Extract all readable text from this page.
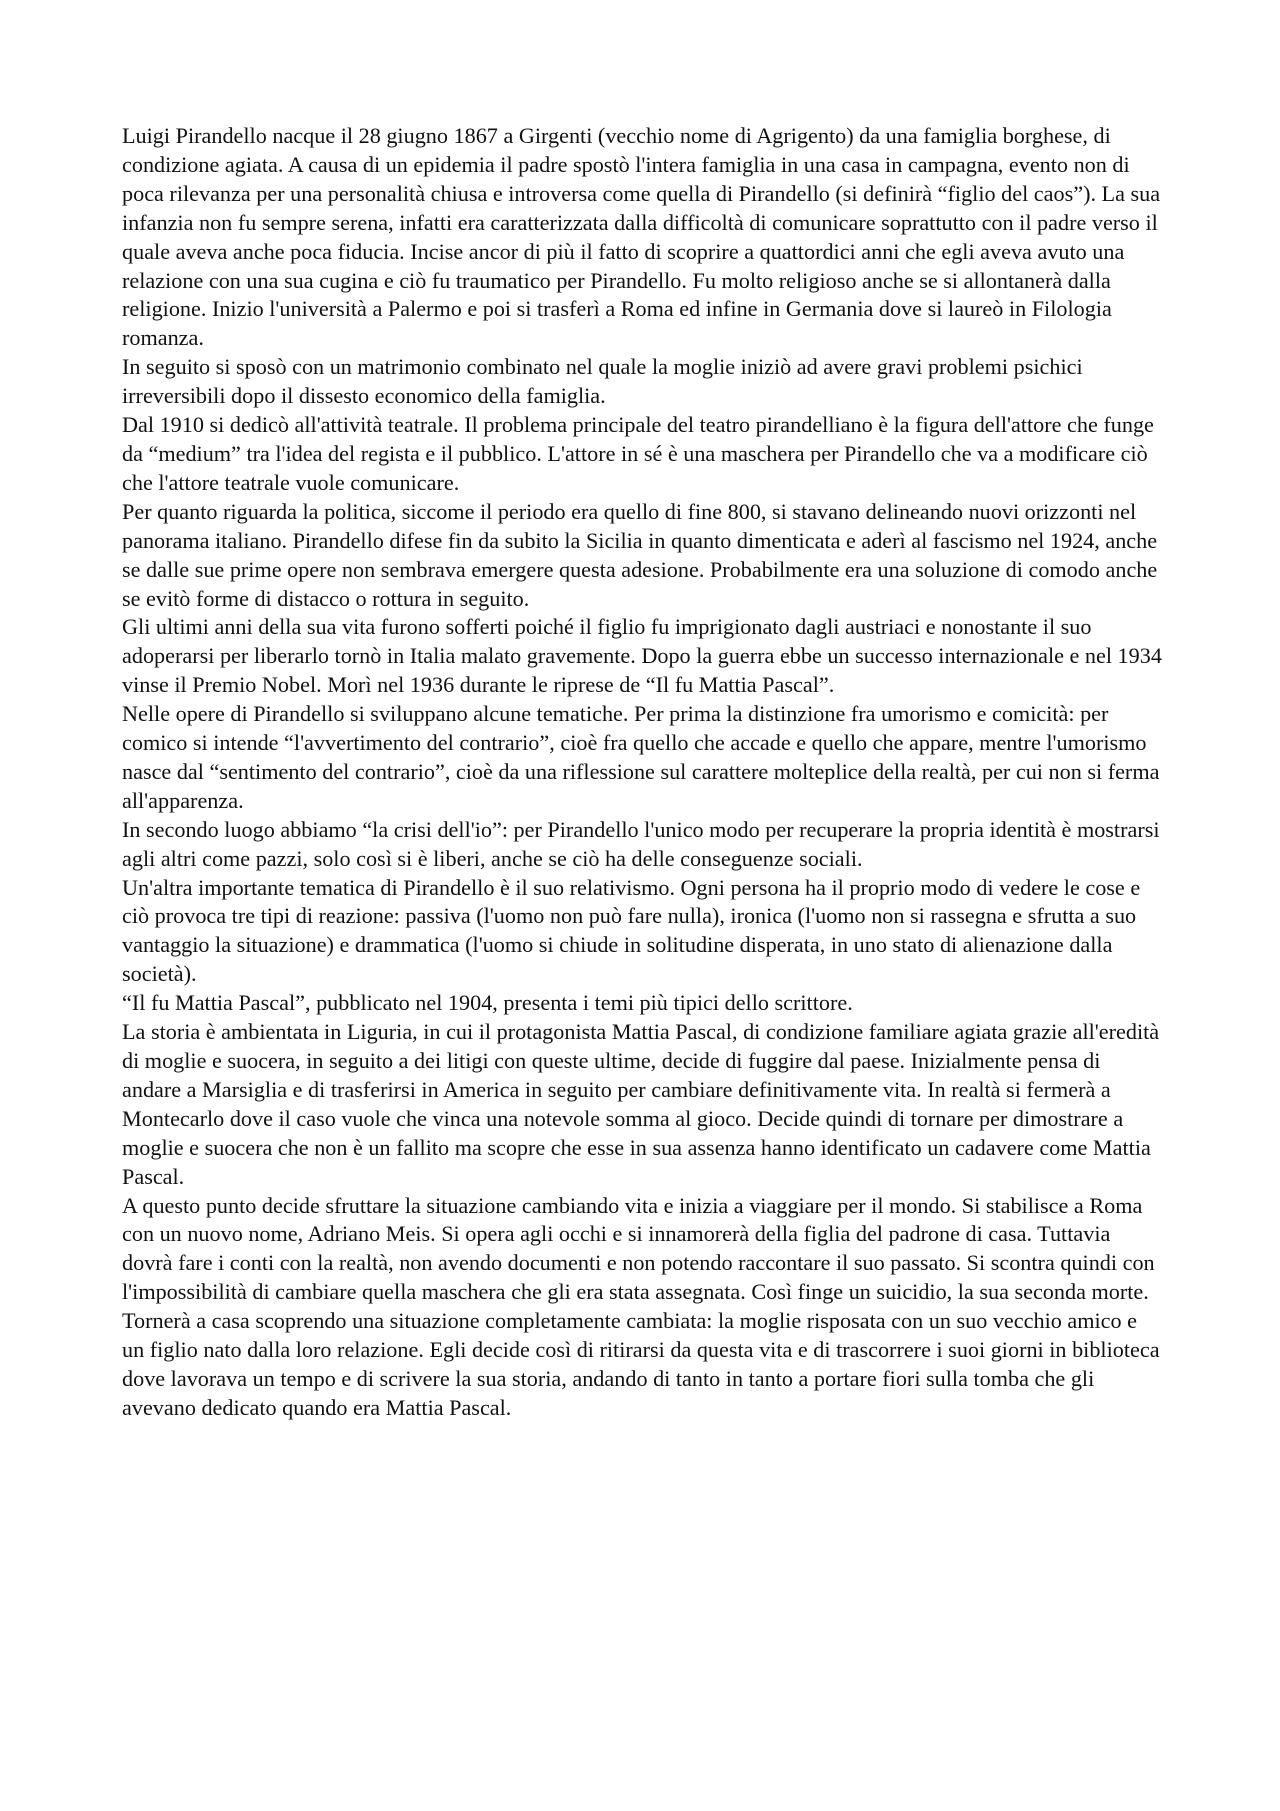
Luigi Pirandello nacque il 28 giugno 1867 a Girgenti (vecchio nome di Agrigento) da una famiglia borghese, di condizione agiata. A causa di un epidemia il padre spostò l'intera famiglia in una casa in campagna, evento non di poca rilevanza per una personalità chiusa e introversa come quella di Pirandello (si definirà “figlio del caos”). La sua infanzia non fu sempre serena, infatti era caratterizzata dalla difficoltà di comunicare soprattutto con il padre verso il quale aveva anche poca fiducia. Incise ancor di più il fatto di scoprire a quattordici anni che egli aveva avuto una relazione con una sua cugina e ciò fu traumatico per Pirandello. Fu molto religioso anche se si allontanerà dalla religione. Inizio l'università a Palermo e poi si trasferì a Roma ed infine in Germania dove si laureò in Filologia romanza.

In seguito si sposò con un matrimonio combinato nel quale la moglie iniziò ad avere gravi problemi psichici irreversibili dopo il dissesto economico della famiglia.

Dal 1910 si dedicò all'attività teatrale. Il problema principale del teatro pirandelliano è la figura dell'attore che funge da “medium” tra l'idea del regista e il pubblico. L'attore in sé è una maschera per Pirandello che va a modificare ciò che l'attore teatrale vuole comunicare.

Per quanto riguarda la politica, siccome il periodo era quello di fine 800, si stavano delineando nuovi orizzonti nel panorama italiano. Pirandello difese fin da subito la Sicilia in quanto dimenticata e aderì al fascismo nel 1924, anche se dalle sue prime opere non sembrava emergere questa adesione. Probabilmente era una soluzione di comodo anche se evitò forme di distacco o rottura in seguito.

Gli ultimi anni della sua vita furono sofferti poiché il figlio fu imprigionato dagli austriaci e nonostante il suo adoperarsi per liberarlo tornò in Italia malato gravemente. Dopo la guerra ebbe un successo internazionale e nel 1934 vinse il Premio Nobel. Morì nel 1936 durante le riprese de “Il fu Mattia Pascal”.

Nelle opere di Pirandello si sviluppano alcune tematiche. Per prima la distinzione fra umorismo e comicità: per comico si intende “l'avvertimento del contrario”, cioè fra quello che accade e quello che appare, mentre l'umorismo nasce dal “sentimento del contrario”, cioè da una riflessione sul carattere molteplice della realtà, per cui non si ferma all'apparenza.

In secondo luogo abbiamo “la crisi dell'io”: per Pirandello l'unico modo per recuperare la propria identità è mostrarsi agli altri come pazzi, solo così si è liberi, anche se ciò ha delle conseguenze sociali.

Un'altra importante tematica di Pirandello è il suo relativismo. Ogni persona ha il proprio modo di vedere le cose e ciò provoca tre tipi di reazione: passiva (l'uomo non può fare nulla), ironica (l'uomo non si rassegna e sfrutta a suo vantaggio la situazione) e drammatica (l'uomo si chiude in solitudine disperata, in uno stato di alienazione dalla società).

“Il fu Mattia Pascal”, pubblicato nel 1904, presenta i temi più tipici dello scrittore.

La storia è ambientata in Liguria, in cui il protagonista Mattia Pascal, di condizione familiare agiata grazie all'eredità di moglie e suocera, in seguito a dei litigi con queste ultime, decide di fuggire dal paese. Inizialmente pensa di andare a Marsiglia e di trasferirsi in America in seguito per cambiare definitivamente vita. In realtà si fermerà a Montecarlo dove il caso vuole che vinca una notevole somma al gioco. Decide quindi di tornare per dimostrare a moglie e suocera che non è un fallito ma scopre che esse in sua assenza hanno identificato un cadavere come Mattia Pascal.

A questo punto decide sfruttare la situazione cambiando vita e inizia a viaggiare per il mondo. Si stabilisce a Roma con un nuovo nome, Adriano Meis. Si opera agli occhi e si innamorerà della figlia del padrone di casa. Tuttavia dovrà fare i conti con la realtà, non avendo documenti e non potendo raccontare il suo passato. Si scontra quindi con l'impossibilità di cambiare quella maschera che gli era stata assegnata. Così finge un suicidio, la sua seconda morte. Tornerà a casa scoprendo una situazione completamente cambiata: la moglie risposata con un suo vecchio amico e un figlio nato dalla loro relazione. Egli decide così di ritirarsi da questa vita e di trascorrere i suoi giorni in biblioteca dove lavorava un tempo e di scrivere la sua storia, andando di tanto in tanto a portare fiori sulla tomba che gli avevano dedicato quando era Mattia Pascal.
